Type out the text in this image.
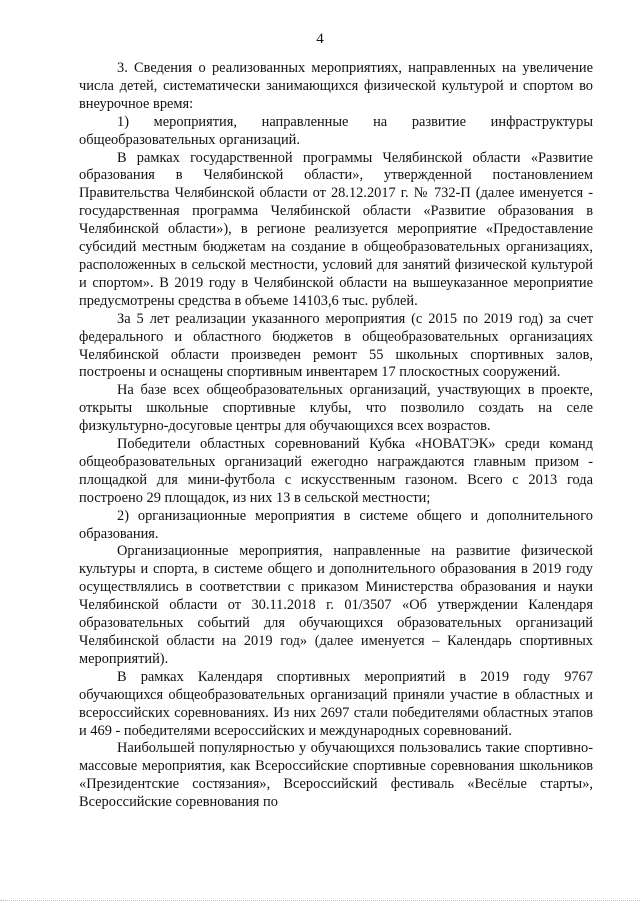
4

3. Сведения о реализованных мероприятиях, направленных на увеличение числа детей, систематически занимающихся физической культурой и спортом во внеурочное время:

1) мероприятия, направленные на развитие инфраструктуры общеобразовательных организаций.

В рамках государственной программы Челябинской области «Развитие образования в Челябинской области», утвержденной постановлением Правительства Челябинской области от 28.12.2017 г. № 732-П (далее именуется - государственная программа Челябинской области «Развитие образования в Челябинской области»), в регионе реализуется мероприятие «Предоставление субсидий местным бюджетам на создание в общеобразовательных организациях, расположенных в сельской местности, условий для занятий физической культурой и спортом». В 2019 году в Челябинской области на вышеуказанное мероприятие предусмотрены средства в объеме 14103,6 тыс. рублей.

За 5 лет реализации указанного мероприятия (с 2015 по 2019 год) за счет федерального и областного бюджетов в общеобразовательных организациях Челябинской области произведен ремонт 55 школьных спортивных залов, построены и оснащены спортивным инвентарем 17 плоскостных сооружений.

На базе всех общеобразовательных организаций, участвующих в проекте, открыты школьные спортивные клубы, что позволило создать на селе физкультурно-досуговые центры для обучающихся всех возрастов.

Победители областных соревнований Кубка «НОВАТЭК» среди команд общеобразовательных организаций ежегодно награждаются главным призом - площадкой для мини-футбола с искусственным газоном. Всего с 2013 года построено 29 площадок, из них 13 в сельской местности;

2) организационные мероприятия в системе общего и дополнительного образования.

Организационные мероприятия, направленные на развитие физической культуры и спорта, в системе общего и дополнительного образования в 2019 году осуществлялись в соответствии с приказом Министерства образования и науки Челябинской области от 30.11.2018 г. 01/3507 «Об утверждении Календаря образовательных событий для обучающихся образовательных организаций Челябинской области на 2019 год» (далее именуется – Календарь спортивных мероприятий).

В рамках Календаря спортивных мероприятий в 2019 году 9767 обучающихся общеобразовательных организаций приняли участие в областных и всероссийских соревнованиях. Из них 2697 стали победителями областных этапов и 469 - победителями всероссийских и международных соревнований.

Наибольшей популярностью у обучающихся пользовались такие спортивно-массовые мероприятия, как Всероссийские спортивные соревнования школьников «Президентские состязания», Всероссийский фестиваль «Весёлые старты», Всероссийские соревнования по
